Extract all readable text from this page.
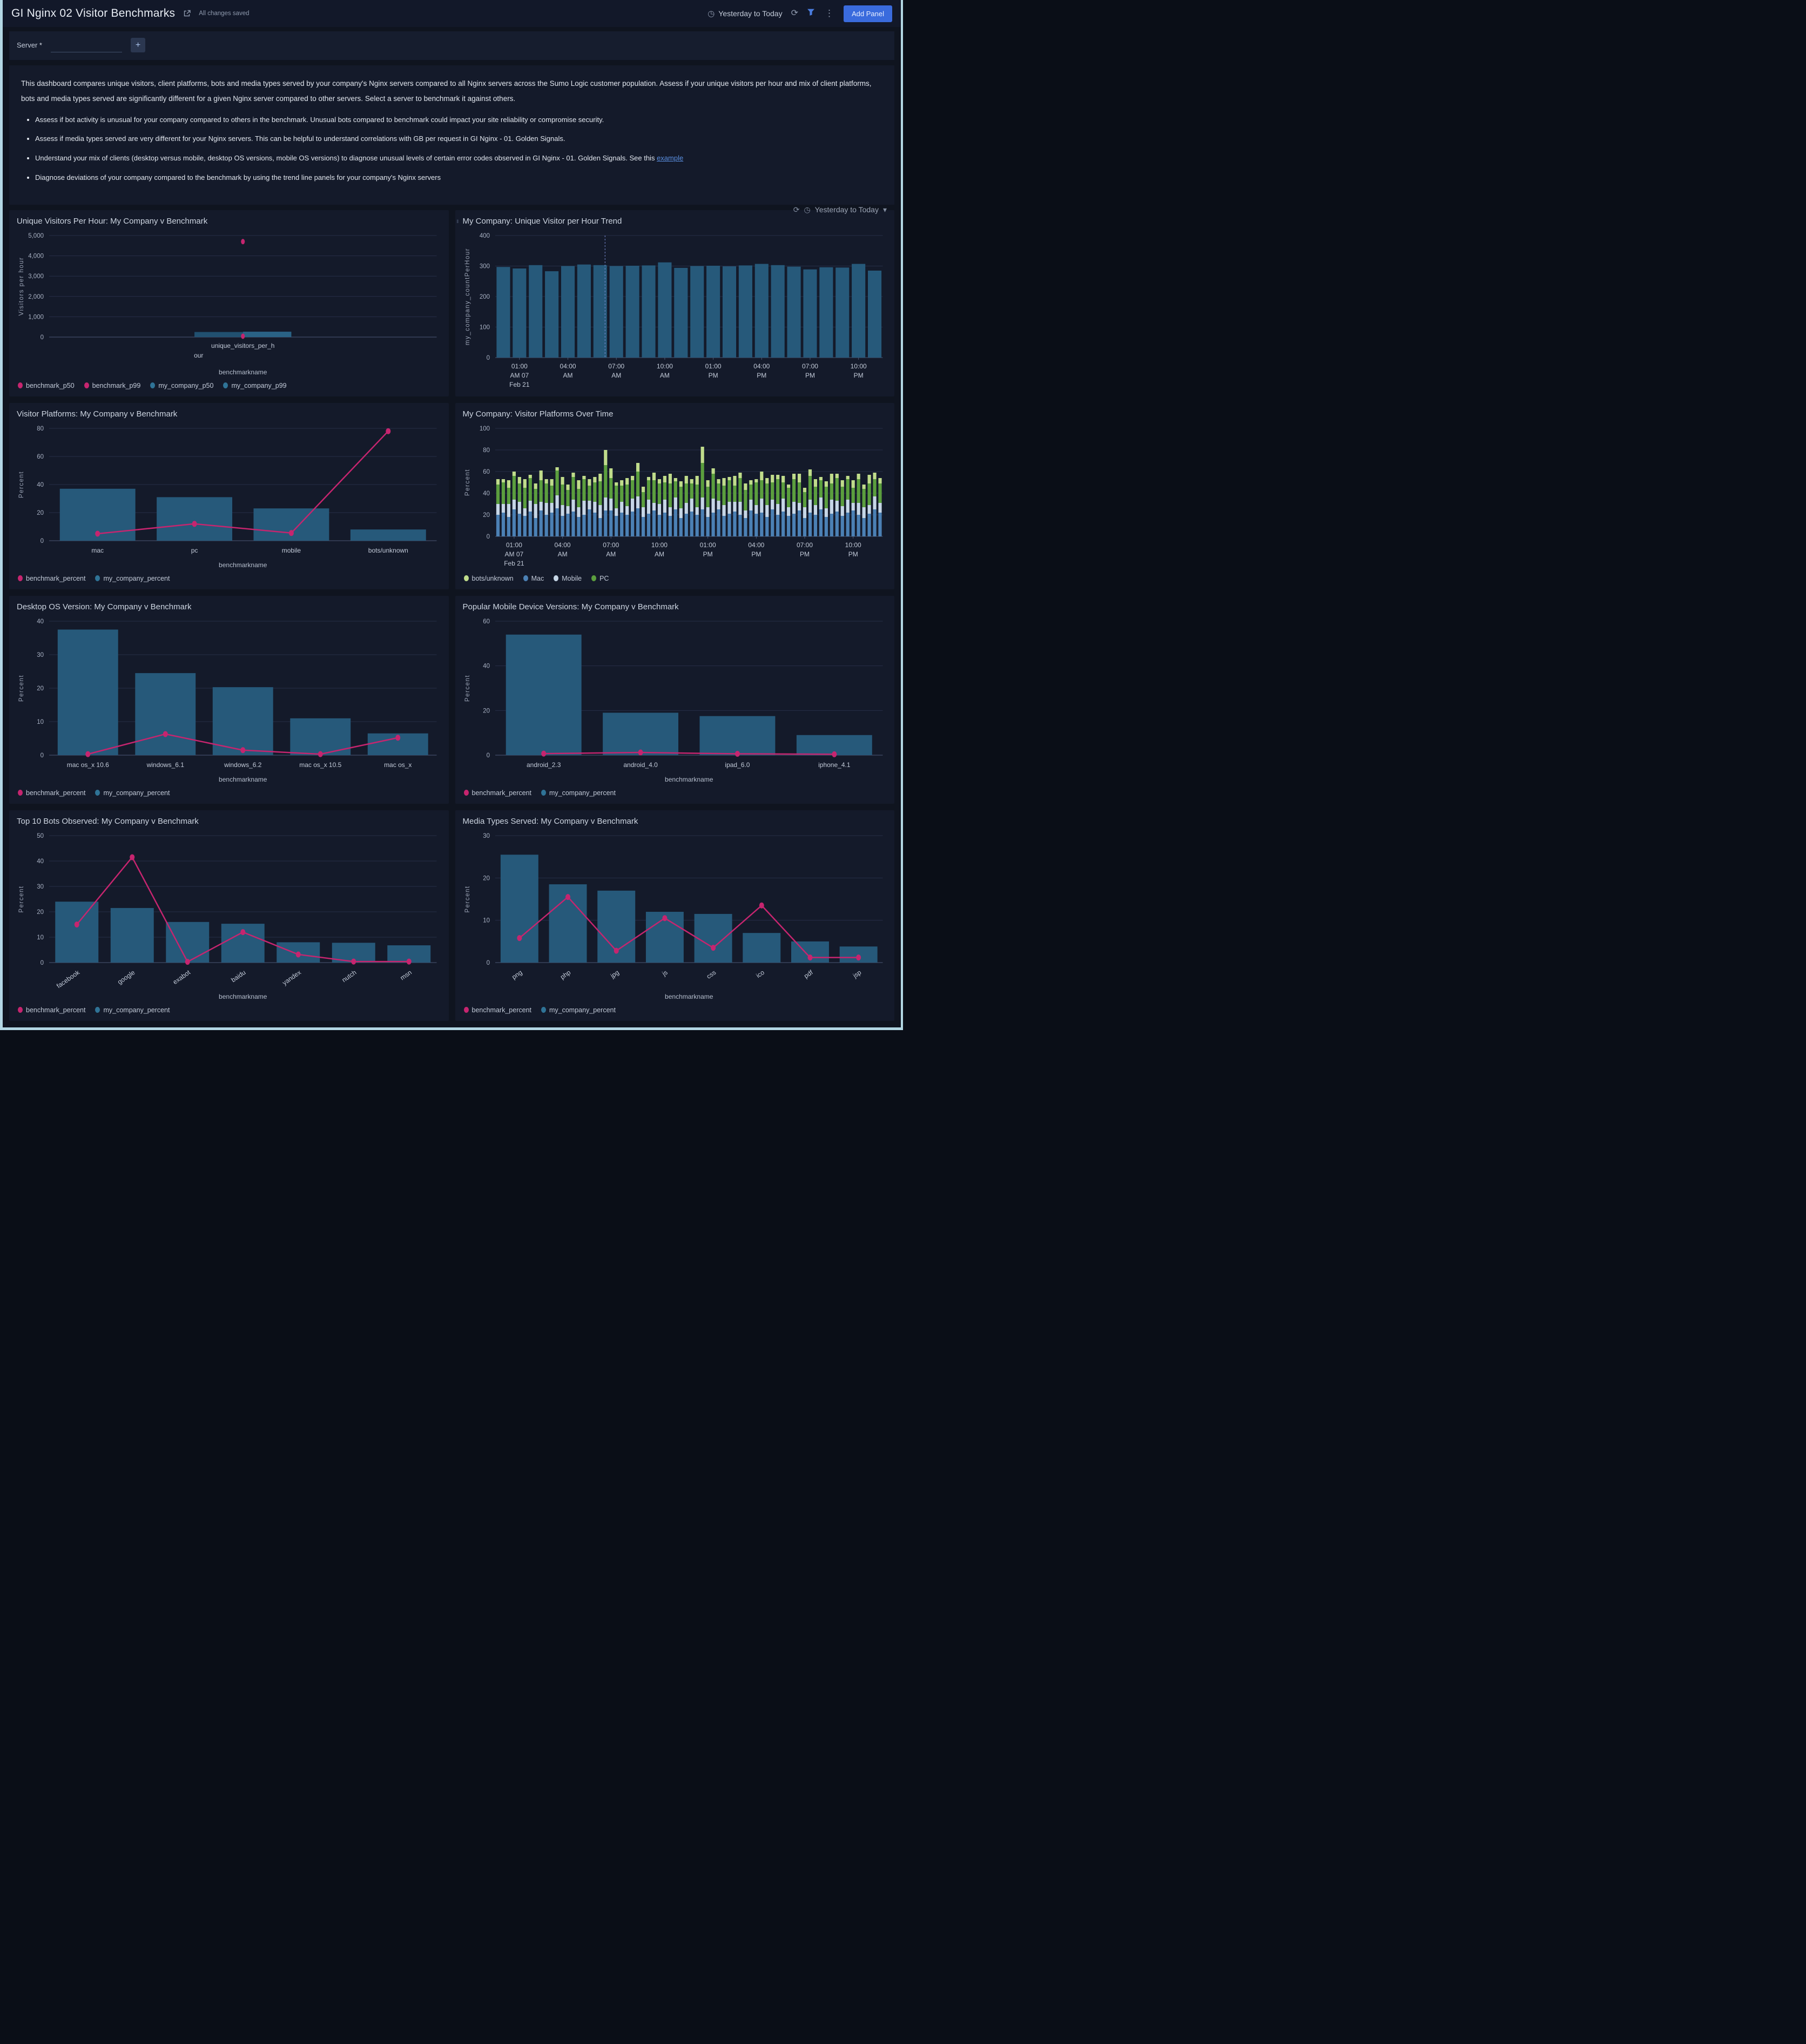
GI Nginx 02 Visitor Benchmarks	All changes saved	◷ Yesterday to Today ⟳	⋮	Add Panel
Server *	+

This dashboard compares unique visitors, client platforms, bots and media types served by your company's Nginx servers compared to all Nginx servers across the Sumo Logic customer population. Assess if your unique visitors per hour and mix of client platforms, bots and media types served are significantly different for a given Nginx server compared to other servers. Select a server to benchmark it against others.

• Assess if bot activity is unusual for your company compared to others in the benchmark. Unusual bots compared to benchmark could impact your site reliability or compromise security.
• Assess if media types served are very different for your Nginx servers. This can be helpful to understand correlations with GB per request in GI Nginx - 01. Golden Signals.
• Understand your mix of clients (desktop versus mobile, desktop OS versions, mobile OS versions) to diagnose unusual levels of certain error codes observed in GI Nginx - 01. Golden Signals. See this example
• Diagnose deviations of your company compared to the benchmark by using the trend line panels for your company's Nginx servers
Unique Visitors Per Hour: My Company v Benchmark
0
1,000
2,000
3,000
4,000
5,000
Visitors per hour
benchmarkname
unique_visitors_per_h
our
benchmark_p50	benchmark_p99	my_company_p50	my_company_p99
‖ My Company: Unique Visitor per Hour Trend
⟳ ◷ Yesterday to Today ▾
0
100
200
300
400
my_company_countPerHour
01:00
AM 07
Feb 21
04:00
AM
07:00
AM
10:00
AM
01:00
PM
04:00
PM
07:00
PM
10:00
PM
Visitor Platforms: My Company v Benchmark
0
20
40
60
80
Percent
benchmarkname
mac	pc	mobile	bots/unknown
benchmark_percent	my_company_percent
My Company: Visitor Platforms Over Time
0
20
40
60
80
100
Percent
01:00
AM 07
Feb 21
04:00
AM
07:00
AM
10:00
AM
01:00
PM
04:00
PM
07:00
PM
10:00
PM
bots/unknown	Mac	Mobile	PC
Desktop OS Version: My Company v Benchmark
0
10
20
30
40
Percent
benchmarkname
mac os_x 10.6	windows_6.1	windows_6.2	mac os_x 10.5	mac os_x
benchmark_percent	my_company_percent
Popular Mobile Device Versions: My Company v Benchmark
0
20
40
60
Percent
benchmarkname
android_2.3	android_4.0	ipad_6.0	iphone_4.1
benchmark_percent	my_company_percent
Top 10 Bots Observed: My Company v Benchmark
0
10
20
30
40
50
Percent
benchmarkname
facebook	google	exabot	baidu	yandex	nutch	msn
benchmark_percent	my_company_percent
Media Types Served: My Company v Benchmark
0
10
20
30
Percent
benchmarkname
png	php	jpg	js	css	ico	pdf	jsp
benchmark_percent	my_company_percent
